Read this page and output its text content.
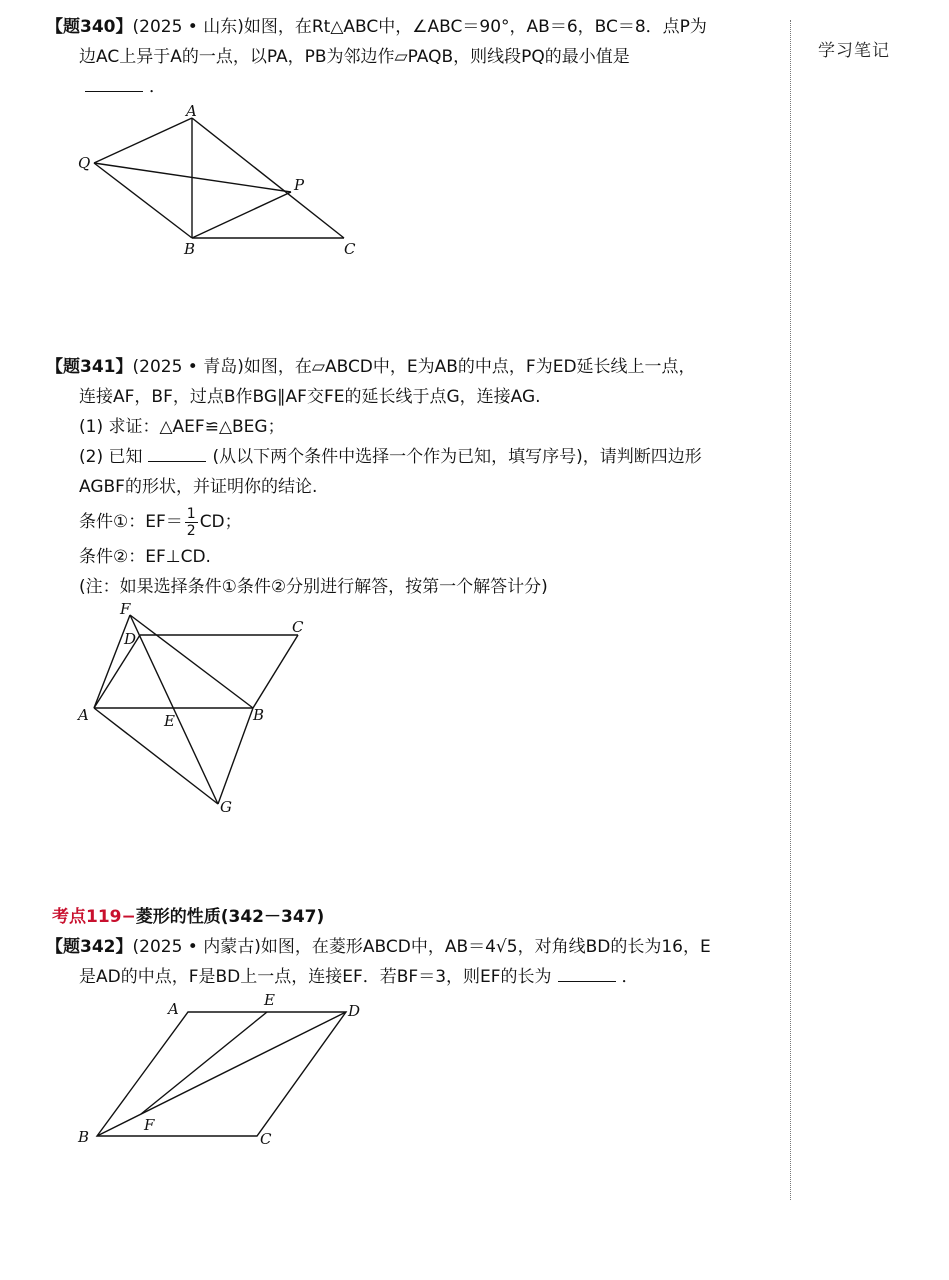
学习笔记
【题340】(2025 • 山东)如图，在Rt△ABC中，∠ABC＝90°，AB＝6，BC＝8．点P为
边AC上异于A的一点，以PA，PB为邻边作▱PAQB，则线段PQ的最小值是
．
【题341】(2025 • 青岛)如图，在▱ABCD中，E为AB的中点，F为ED延长线上一点，
连接AF，BF，过点B作BG∥AF交FE的延长线于点G，连接AG.
(1) 求证：△AEF≌△BEG；
(2) 已知	(从以下两个条件中选择一个作为已知，填写序号)，请判断四边形
AGBF的形状，并证明你的结论.
条件①：$EF= \frac{1}{2}$ CD；
条件②：EF⊥CD.
(注：如果选择条件①条件②分别进行解答，按第一个解答计分)
考点119−菱形的性质(342－347)
【题342】(2025 • 内蒙古)如图，在菱形ABCD中，AB＝4√5，对角线BD的长为16，E
是AD的中点，F是BD上一点，连接EF．若BF＝3，则EF的长为	．
A
Q
P
B	C
F
D
C
A	E	B
G
A	E
D
B
F
C
